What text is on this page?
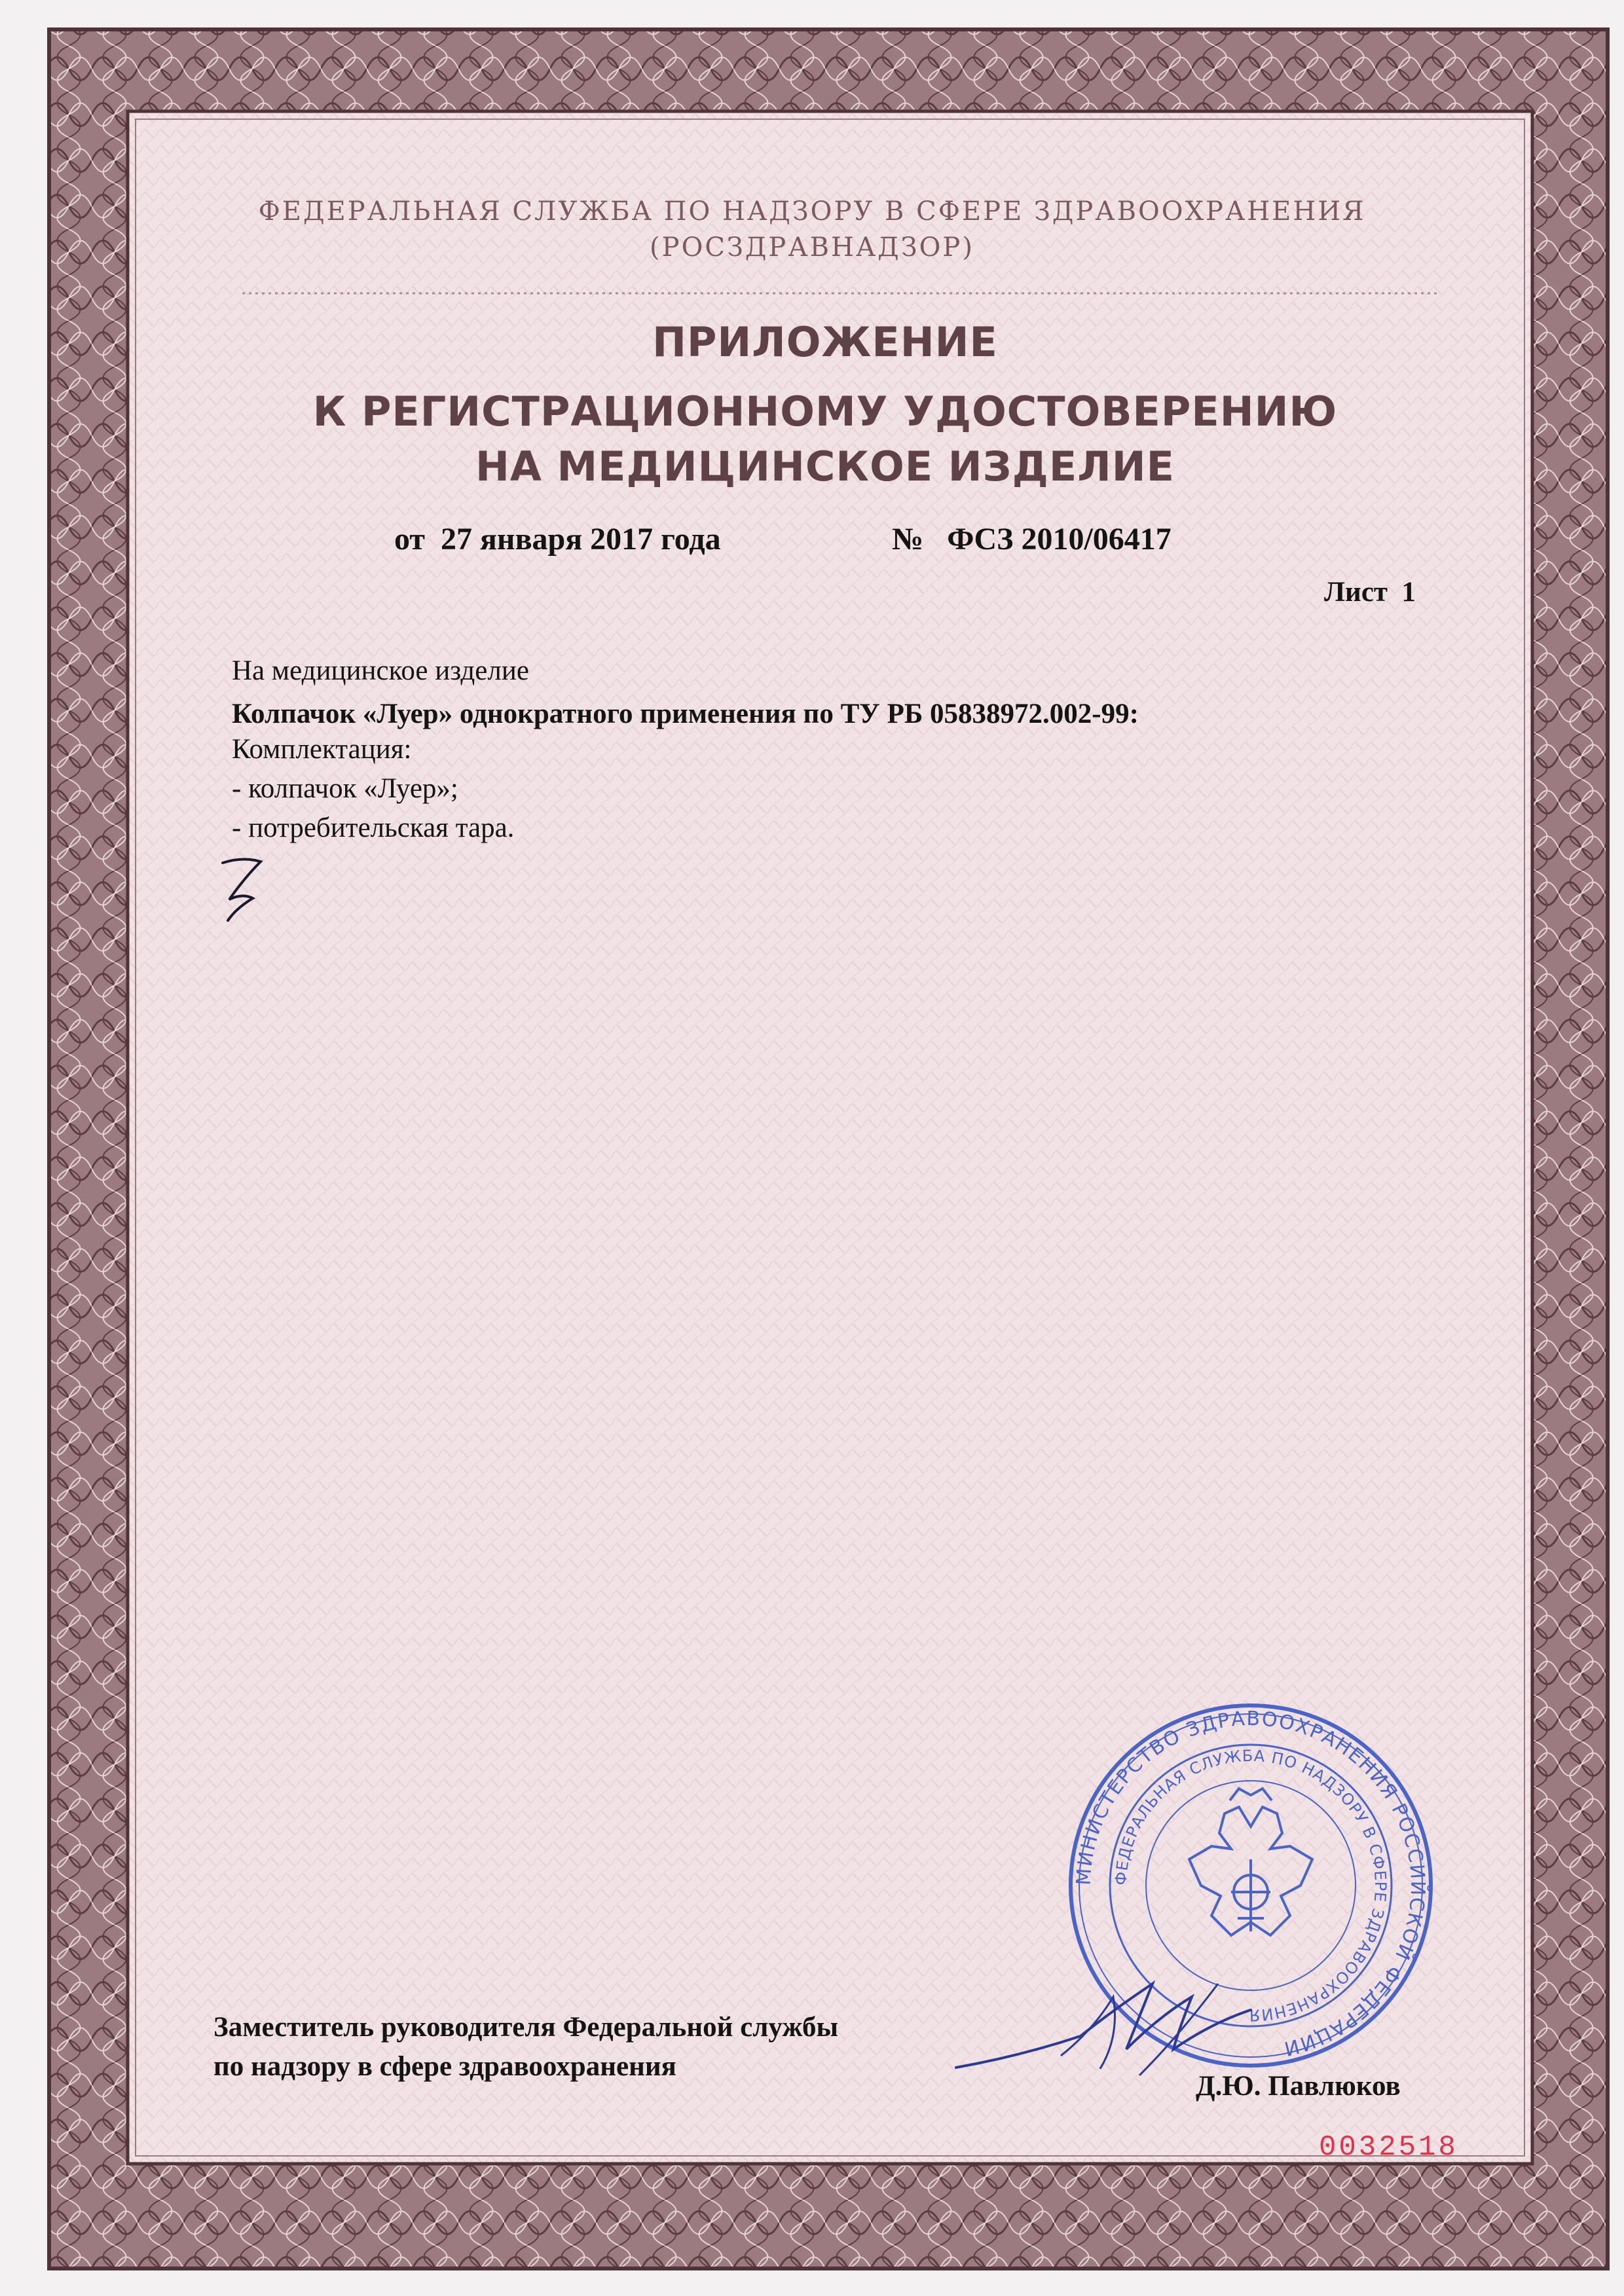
ФЕДЕРАЛЬНАЯ СЛУЖБА ПО НАДЗОРУ В СФЕРЕ ЗДРАВООХРАНЕНИЯ
(РОСЗДРАВНАДЗОР)
ПРИЛОЖЕНИЕ
К РЕГИСТРАЦИОННОМУ УДОСТОВЕРЕНИЮ
НА МЕДИЦИНСКОЕ ИЗДЕЛИЕ
от 27 января 2017 года	№ ФСЗ 2010/06417
Лист 1
На медицинское изделие
Колпачок «Луер» однократного применения по ТУ РБ 05838972.002-99:
Комплектация:
- колпачок «Луер»;
- потребительская тара.
Заместитель руководителя Федеральной службы
по надзору в сфере здравоохранения
Д.Ю. Павлюков
МИНИСТЕРСТВО ЗДРАВООХРАНЕНИЯ РОССИЙСКОЙ ФЕДЕРАЦИИ
ФЕДЕРАЛЬНАЯ СЛУЖБА ПО НАДЗОРУ В СФЕРЕ ЗДРАВООХРАНЕНИЯ
0032518
